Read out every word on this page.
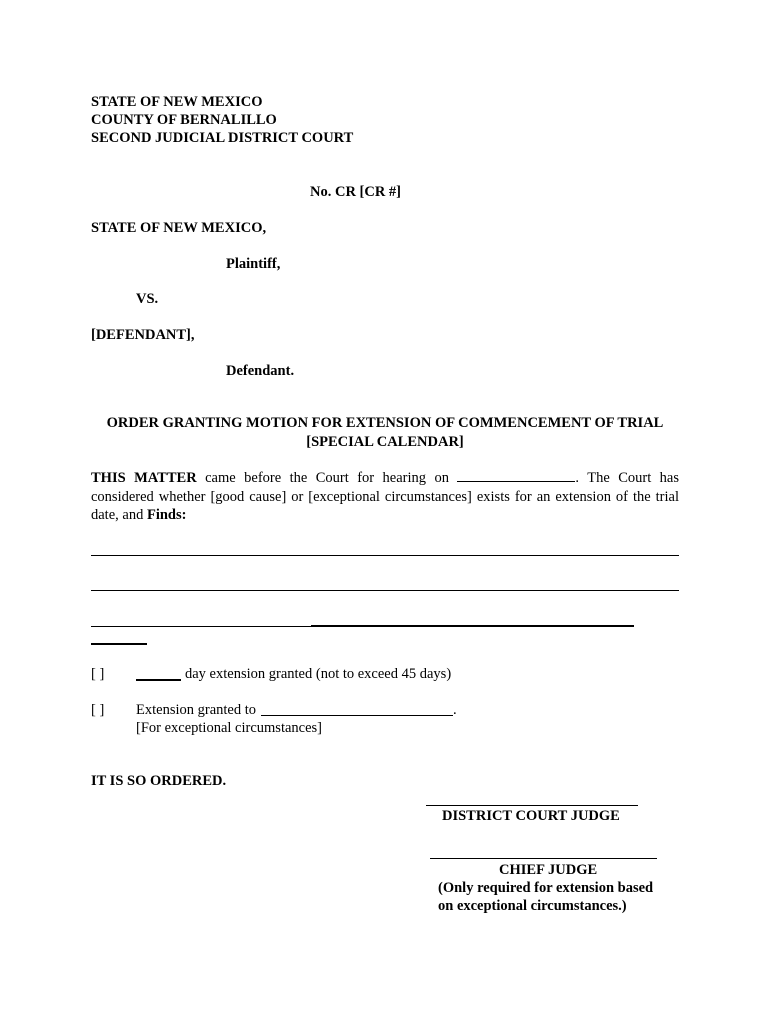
STATE OF NEW MEXICO
COUNTY OF BERNALILLO
SECOND JUDICIAL DISTRICT COURT
No. CR [CR #]
STATE OF NEW MEXICO,
Plaintiff,
VS.
[DEFENDANT],
Defendant.
ORDER GRANTING MOTION FOR EXTENSION OF COMMENCEMENT OF TRIAL
[SPECIAL CALENDAR]
THIS MATTER came before the Court for hearing on	. The Court has considered whether [good cause] or [exceptional circumstances] exists for an extension of the trial date, and Finds:
[ ]	day extension granted (not to exceed 45 days)
[ ] Extension granted to	.
[For exceptional circumstances]
IT IS SO ORDERED.
DISTRICT COURT JUDGE
CHIEF JUDGE
(Only required for extension based
on exceptional circumstances.)
